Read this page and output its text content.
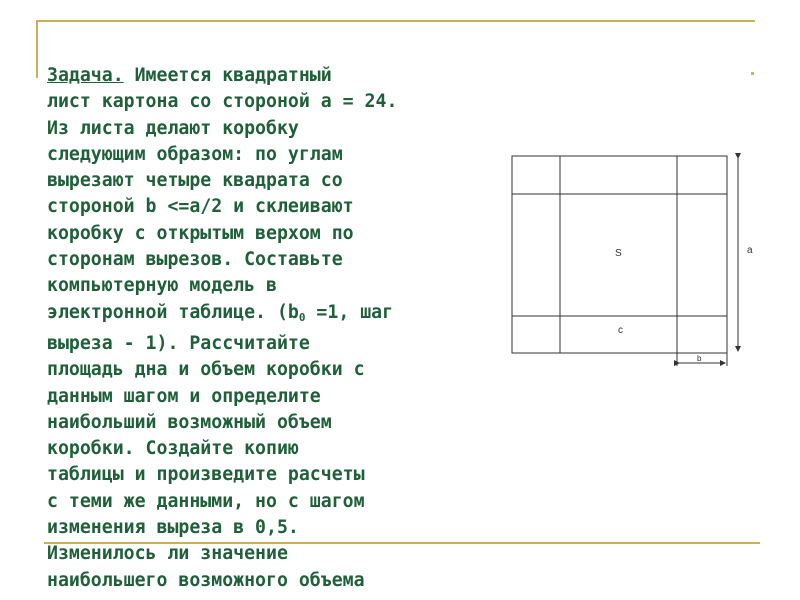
Задача. Имеется квадратный
лист картона со стороной a = 24.
Из листа делают коробку
следующим образом: по углам
вырезают четыре квадрата со
стороной b <=a/2 и склеивают
коробку с открытым верхом по
сторонам вырезов. Составьте
компьютерную модель в
электронной таблице. ($b_0 =1$, шаг
выреза - 1). Рассчитайте
площадь дна и объем коробки с
данным шагом и определите
наибольший возможный объем
коробки. Создайте копию
таблицы и произведите расчеты
с теми же данными, но с шагом
изменения выреза в 0,5.
Изменилось ли значение
наибольшего возможного объема
S
c
a
b
